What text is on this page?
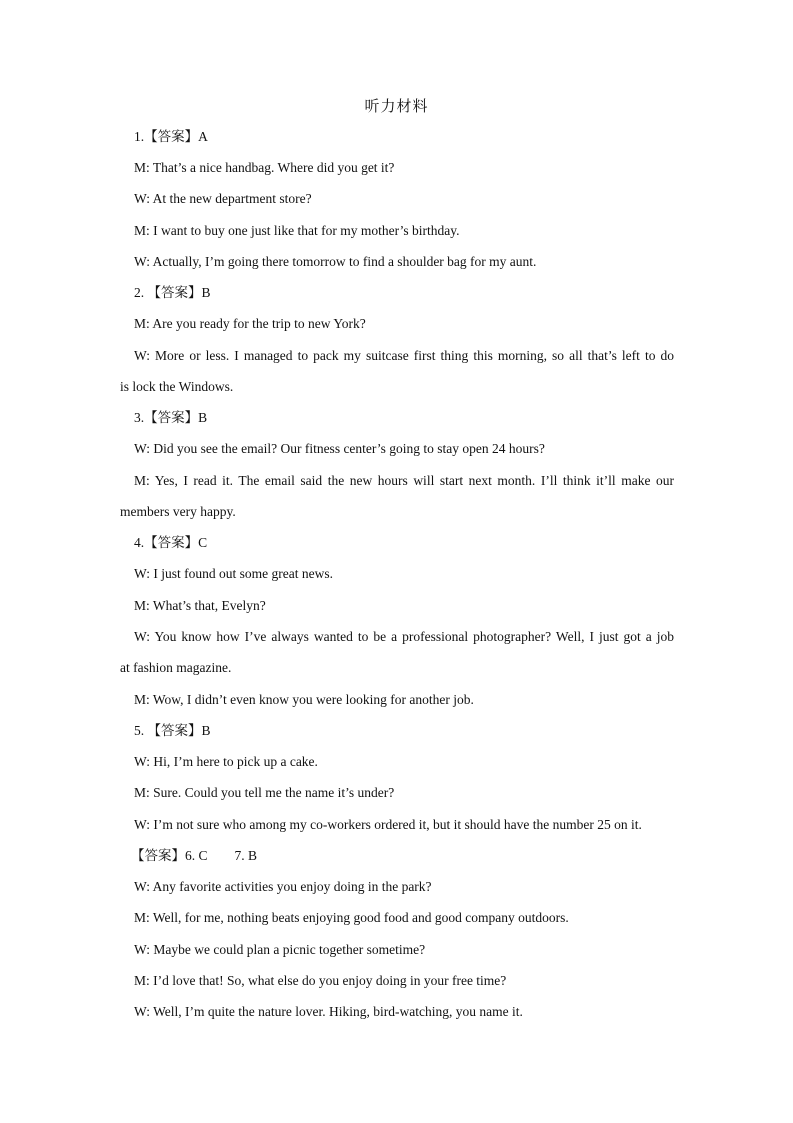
听力材料
1.【答案】A
M: That’s a nice handbag. Where did you get it?
W: At the new department store?
M: I want to buy one just like that for my mother’s birthday.
W: Actually, I’m going there tomorrow to find a shoulder bag for my aunt.
2. 【答案】B
M: Are you ready for the trip to new York?
W: More or less. I managed to pack my suitcase first thing this morning, so all that’s left to do
is lock the Windows.
3.【答案】B
W: Did you see the email? Our fitness center’s going to stay open 24 hours?
M: Yes, I read it. The email said the new hours will start next month. I’ll think it’ll make our
members very happy.
4.【答案】C
W: I just found out some great news.
M: What’s that, Evelyn?
W: You know how I’ve always wanted to be a professional photographer? Well, I just got a job
at fashion magazine.
M: Wow, I didn’t even know you were looking for another job.
5. 【答案】B
W: Hi, I’m here to pick up a cake.
M: Sure. Could you tell me the name it’s under?
W: I’m not sure who among my co-workers ordered it, but it should have the number 25 on it.
【答案】6. C        7. B
W: Any favorite activities you enjoy doing in the park?
M: Well, for me, nothing beats enjoying good food and good company outdoors.
W: Maybe we could plan a picnic together sometime?
M: I’d love that! So, what else do you enjoy doing in your free time?
W: Well, I’m quite the nature lover. Hiking, bird-watching, you name it.
